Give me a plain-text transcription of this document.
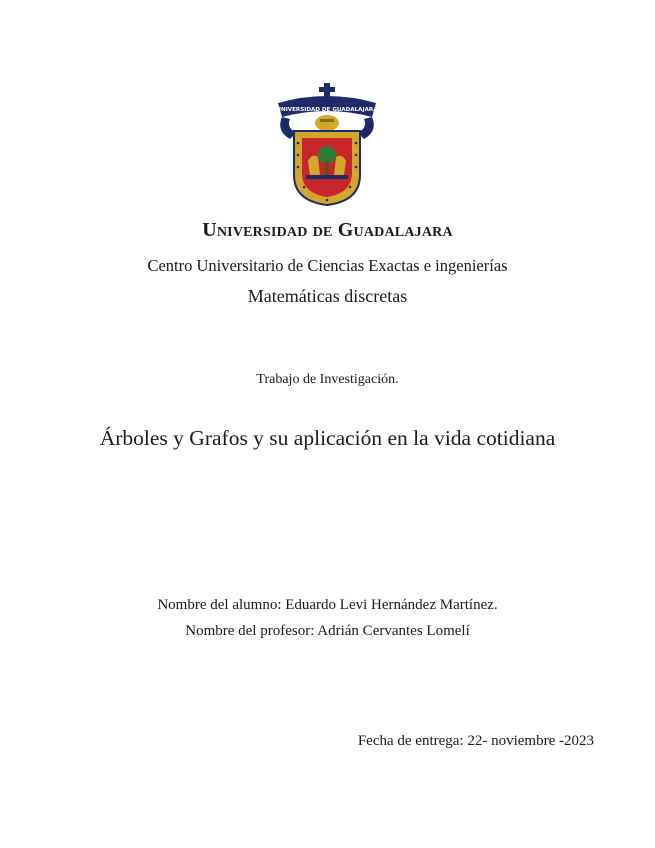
UNIVERSIDAD DE GUADALAJARA
Universidad de Guadalajara
Centro Universitario de Ciencias Exactas e ingenierías
Matemáticas discretas
Trabajo de Investigación.
Árboles y Grafos y su aplicación en la vida cotidiana
Nombre del alumno: Eduardo Levi Hernández Martínez.
Nombre del profesor: Adrián Cervantes Lomelí
Fecha de entrega: 22- noviembre -2023
